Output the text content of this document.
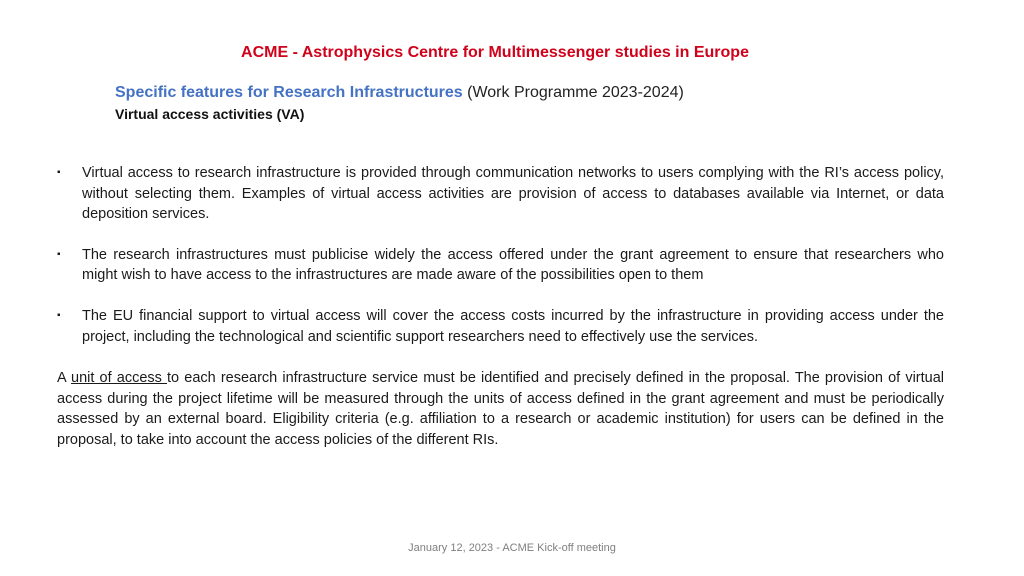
ACME - Astrophysics Centre for Multimessenger studies in Europe
Specific features for Research Infrastructures (Work Programme 2023-2024)
Virtual access activities (VA)
▪ Virtual access to research infrastructure is provided through communication networks to users complying with the RI’s access policy, without selecting them. Examples of virtual access activities are provision of access to databases available via Internet, or data deposition services.
▪ The research infrastructures must publicise widely the access offered under the grant agreement to ensure that researchers who might wish to have access to the infrastructures are made aware of the possibilities open to them
▪ The EU financial support to virtual access will cover the access costs incurred by the infrastructure in providing access under the project, including the technological and scientific support researchers need to effectively use the services.
A unit of access to each research infrastructure service must be identified and precisely defined in the proposal. The provision of virtual access during the project lifetime will be measured through the units of access defined in the grant agreement and must be periodically assessed by an external board. Eligibility criteria (e.g. affiliation to a research or academic institution) for users can be defined in the proposal, to take into account the access policies of the different RIs.
January 12, 2023 - ACME Kick-off meeting
